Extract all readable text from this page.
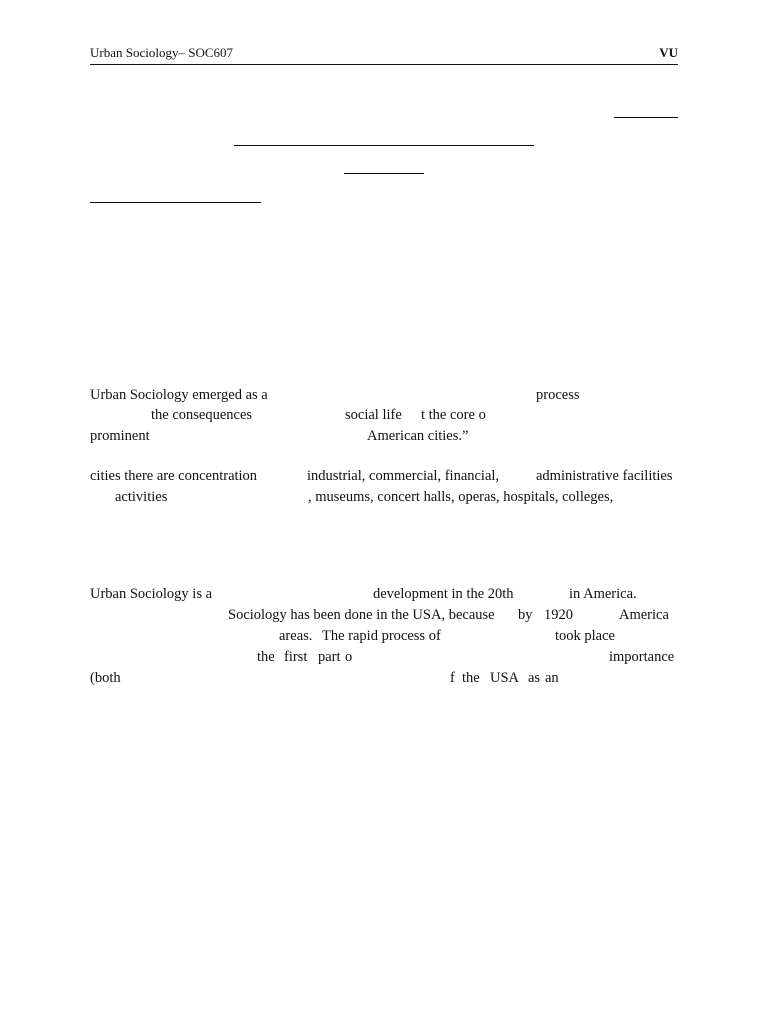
Urban Sociology– SOC607	VU
Urban Sociology emerged as a	process
the consequences	social life t the core o
prominent	American cities.”
cities there are concentration	industrial, commercial, financial,	administrative facilities
activities	, museums, concert halls, operas, hospitals, colleges,
Urban Sociology is a	development in the 20th	in America.
Sociology has been done in the USA, because by 1920	America
areas. The rapid process of	took place
the first part o	importance
(both	f the USA as an
